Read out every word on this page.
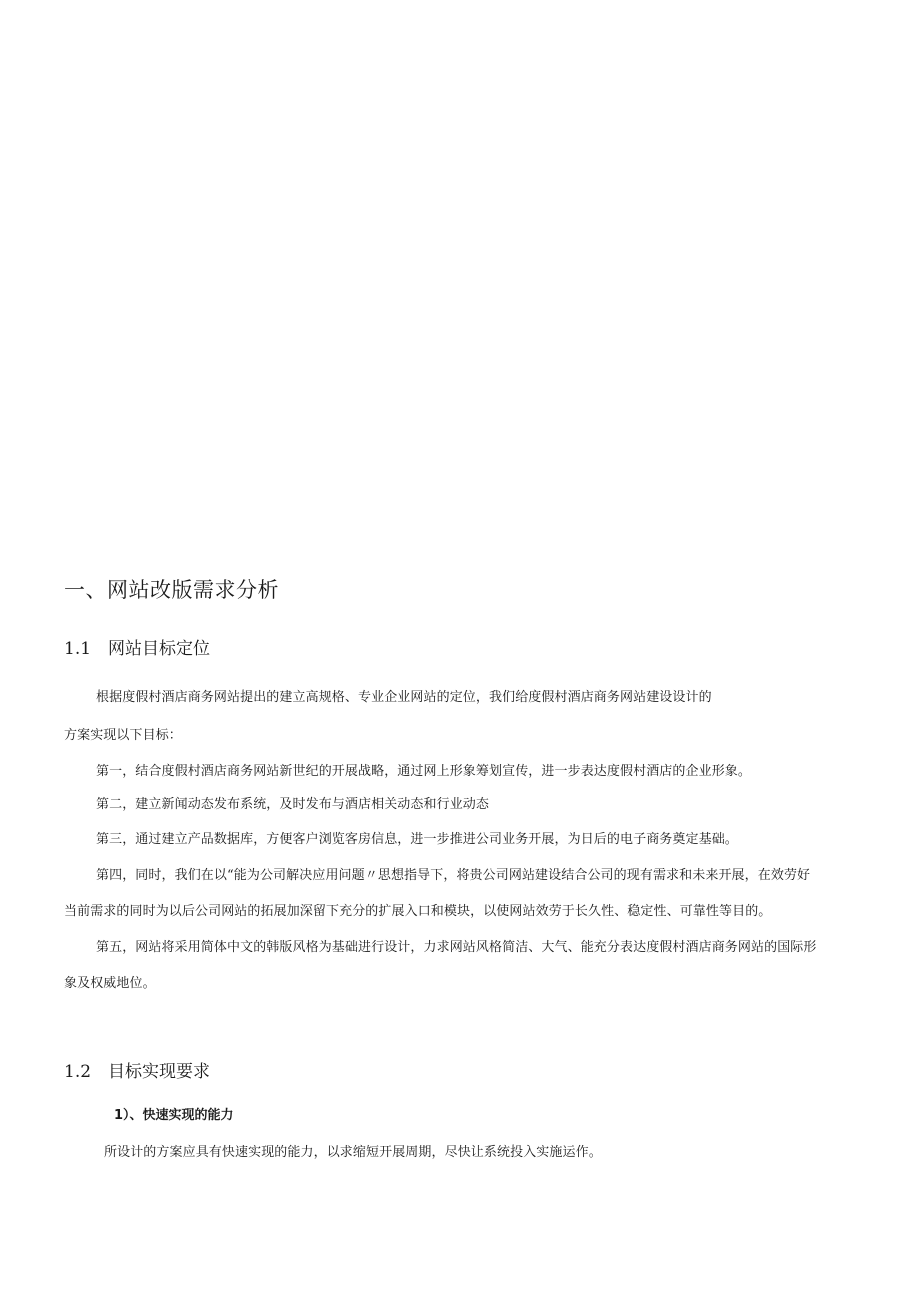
一、网站改版需求分析
1.1 网站目标定位
根据度假村酒店商务网站提出的建立高规格、专业企业网站的定位，我们给度假村酒店商务网站建设设计的
方案实现以下目标：
第一，结合度假村酒店商务网站新世纪的开展战略，通过网上形象筹划宣传，进一步表达度假村酒店的企业形象。
第二，建立新闻动态发布系统，及时发布与酒店相关动态和行业动态
第三，通过建立产品数据库，方便客户浏览客房信息，进一步推进公司业务开展，为日后的电子商务奠定基础。
第四，同时，我们在以“能为公司解决应用问题〃思想指导下，将贵公司网站建设结合公司的现有需求和未来开展，在效劳好
当前需求的同时为以后公司网站的拓展加深留下充分的扩展入口和模块，以使网站效劳于长久性、稳定性、可靠性等目的。
第五，网站将采用简体中文的韩版风格为基础进行设计，力求网站风格简洁、大气、能充分表达度假村酒店商务网站的国际形
象及权威地位。
1.2 目标实现要求
1）、快速实现的能力
所设计的方案应具有快速实现的能力，以求缩短开展周期，尽快让系统投入实施运作。
